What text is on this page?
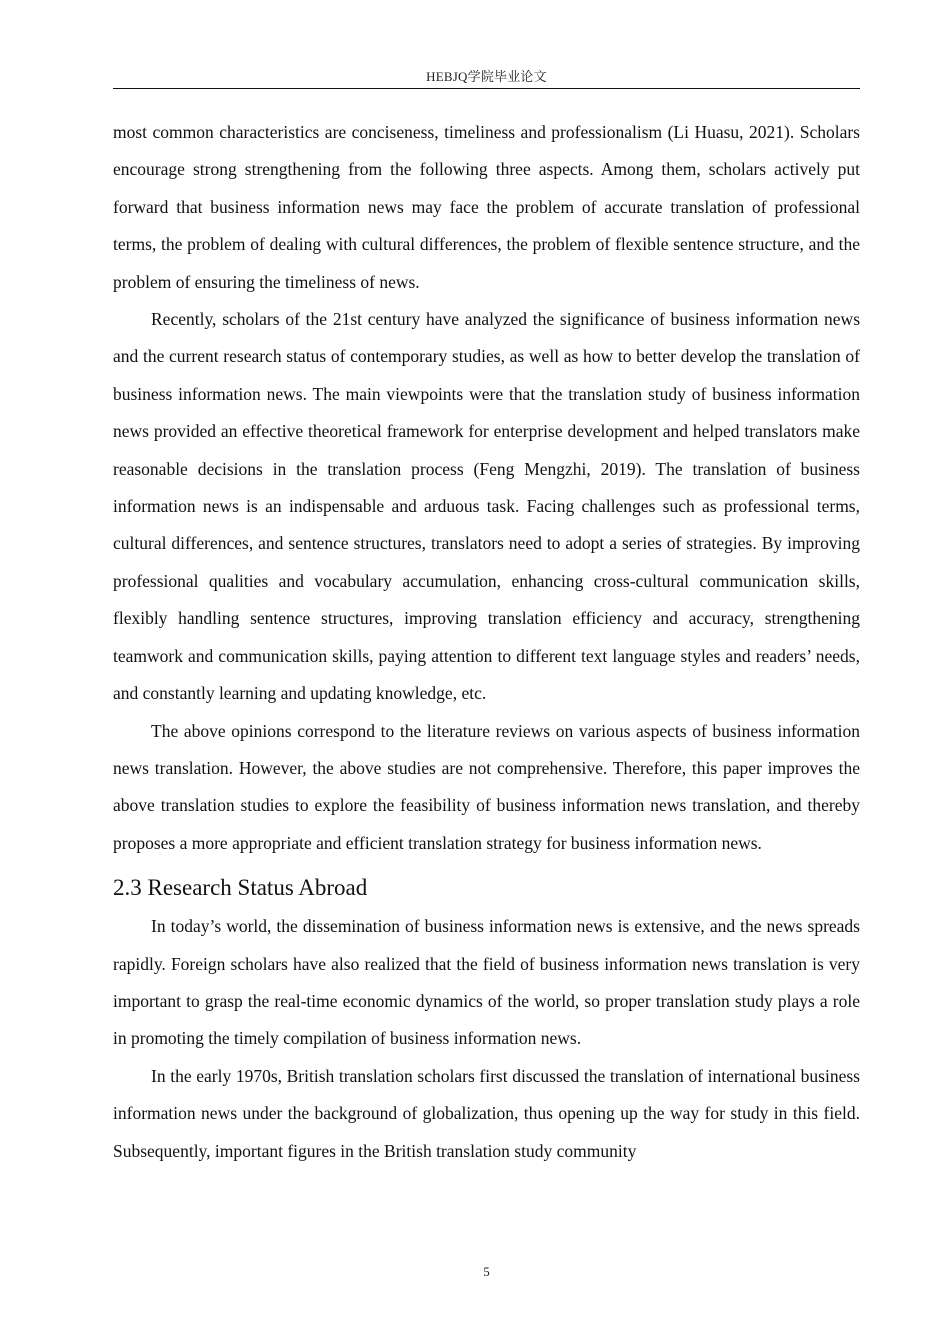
HEBJQ学院毕业论文

most common characteristics are conciseness, timeliness and professionalism (Li Huasu, 2021). Scholars encourage strong strengthening from the following three aspects. Among them, scholars actively put forward that business information news may face the problem of accurate translation of professional terms, the problem of dealing with cultural differences, the problem of flexible sentence structure, and the problem of ensuring the timeliness of news.

Recently, scholars of the 21st century have analyzed the significance of business information news and the current research status of contemporary studies, as well as how to better develop the translation of business information news. The main viewpoints were that the translation study of business information news provided an effective theoretical framework for enterprise development and helped translators make reasonable decisions in the translation process (Feng Mengzhi, 2019). The translation of business information news is an indispensable and arduous task. Facing challenges such as professional terms, cultural differences, and sentence structures, translators need to adopt a series of strategies. By improving professional qualities and vocabulary accumulation, enhancing cross-cultural communication skills, flexibly handling sentence structures, improving translation efficiency and accuracy, strengthening teamwork and communication skills, paying attention to different text language styles and readers’ needs, and constantly learning and updating knowledge, etc.

The above opinions correspond to the literature reviews on various aspects of business information news translation. However, the above studies are not comprehensive. Therefore, this paper improves the above translation studies to explore the feasibility of business information news translation, and thereby proposes a more appropriate and efficient translation strategy for business information news.

2.3 Research Status Abroad

In today’s world, the dissemination of business information news is extensive, and the news spreads rapidly. Foreign scholars have also realized that the field of business information news translation is very important to grasp the real-time economic dynamics of the world, so proper translation study plays a role in promoting the timely compilation of business information news.

In the early 1970s, British translation scholars first discussed the translation of international business information news under the background of globalization, thus opening up the way for study in this field. Subsequently, important figures in the British translation study community

5
